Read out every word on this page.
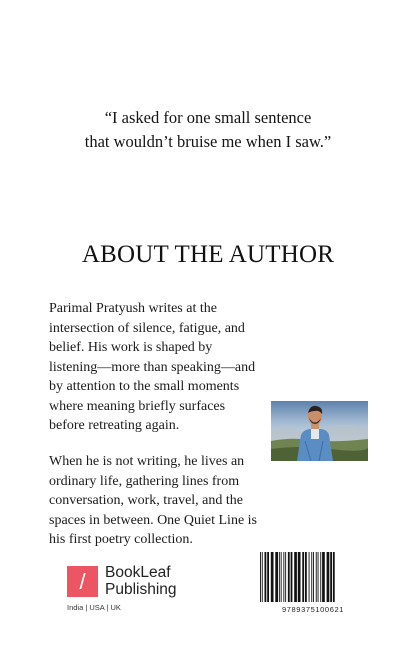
“I asked for one small sentence
that wouldn’t bruise me when I saw.”
ABOUT THE AUTHOR
Parimal Pratyush writes at the
intersection of silence, fatigue, and
belief. His work is shaped by
listening—more than speaking—and
by attention to the small moments
where meaning briefly surfaces
before retreating again.
When he is not writing, he lives an
ordinary life, gathering lines from
conversation, work, travel, and the
spaces in between. One Quiet Line is
his first poetry collection.
/	BookLeaf
Publishing
India | USA | UK	9789375100621
